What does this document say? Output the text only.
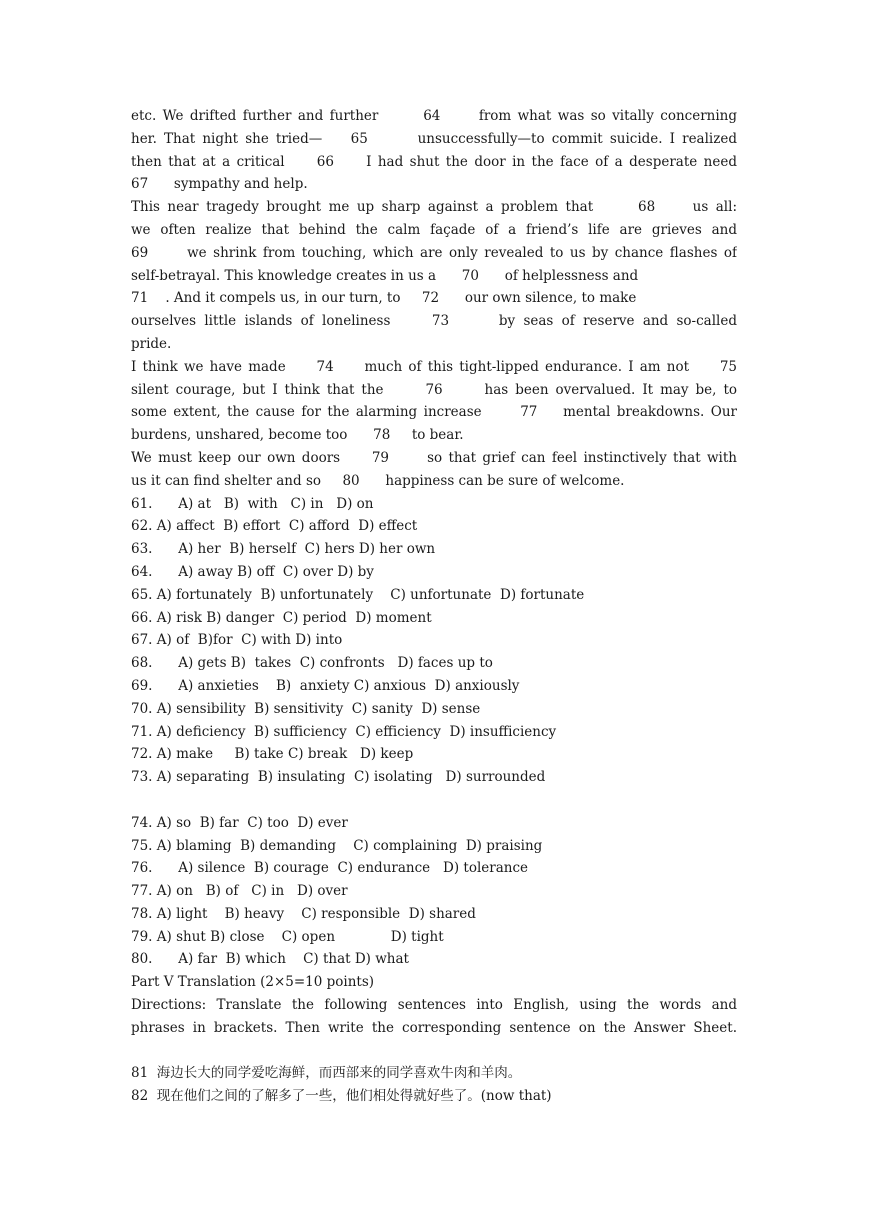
etc. We drifted further and further       64      from what was so vitally concerning
her. That night she tried—    65       unsuccessfully—to commit suicide. I realized
then that at a critical     66     I had shut the door in the face of a desperate need
67      sympathy and help.
This near tragedy brought me up sharp against a problem that      68     us all:
we often realize that behind the calm façade of a friend’s life are grieves and
69      we shrink from touching, which are only revealed to us by chance flashes of
self-betrayal. This knowledge creates in us a      70      of helplessness and
71    . And it compels us, in our turn, to     72      our own silence, to make
ourselves little islands of loneliness     73      by seas of reserve and so-called
pride.
I think we have made     74     much of this tight-lipped endurance. I am not     75
silent courage, but I think that the      76      has been overvalued. It may be, to
some extent, the cause for the alarming increase      77    mental breakdowns. Our
burdens, unshared, become too      78     to bear.
We must keep our own doors     79      so that grief can feel instinctively that with
us it can find shelter and so     80      happiness can be sure of welcome.
61.      A) at   B)  with   C) in   D) on
62. A) affect  B) effort  C) afford  D) effect
63.      A) her  B) herself  C) hers D) her own
64.      A) away B) off  C) over D) by
65. A) fortunately  B) unfortunately    C) unfortunate  D) fortunate
66. A) risk B) danger  C) period  D) moment
67. A) of  B)for  C) with D) into
68.      A) gets B)  takes  C) confronts   D) faces up to
69.      A) anxieties    B)  anxiety C) anxious  D) anxiously
70. A) sensibility  B) sensitivity  C) sanity  D) sense
71. A) deficiency  B) sufficiency  C) efficiency  D) insufficiency
72. A) make     B) take C) break   D) keep
73. A) separating  B) insulating  C) isolating   D) surrounded
74. A) so  B) far  C) too  D) ever
75. A) blaming  B) demanding    C) complaining  D) praising
76.      A) silence  B) courage  C) endurance   D) tolerance
77. A) on   B) of   C) in   D) over
78. A) light    B) heavy    C) responsible  D) shared
79. A) shut B) close    C) open             D) tight
80.      A) far  B) which    C) that D) what
Part V Translation (2×5=10 points)
Directions: Translate the following sentences into English, using the words and
phrases in brackets. Then write the corresponding sentence on the Answer Sheet.
81  海边长大的同学爱吃海鲜，而西部来的同学喜欢牛肉和羊肉。
82  现在他们之间的了解多了一些，他们相处得就好些了。(now that)
